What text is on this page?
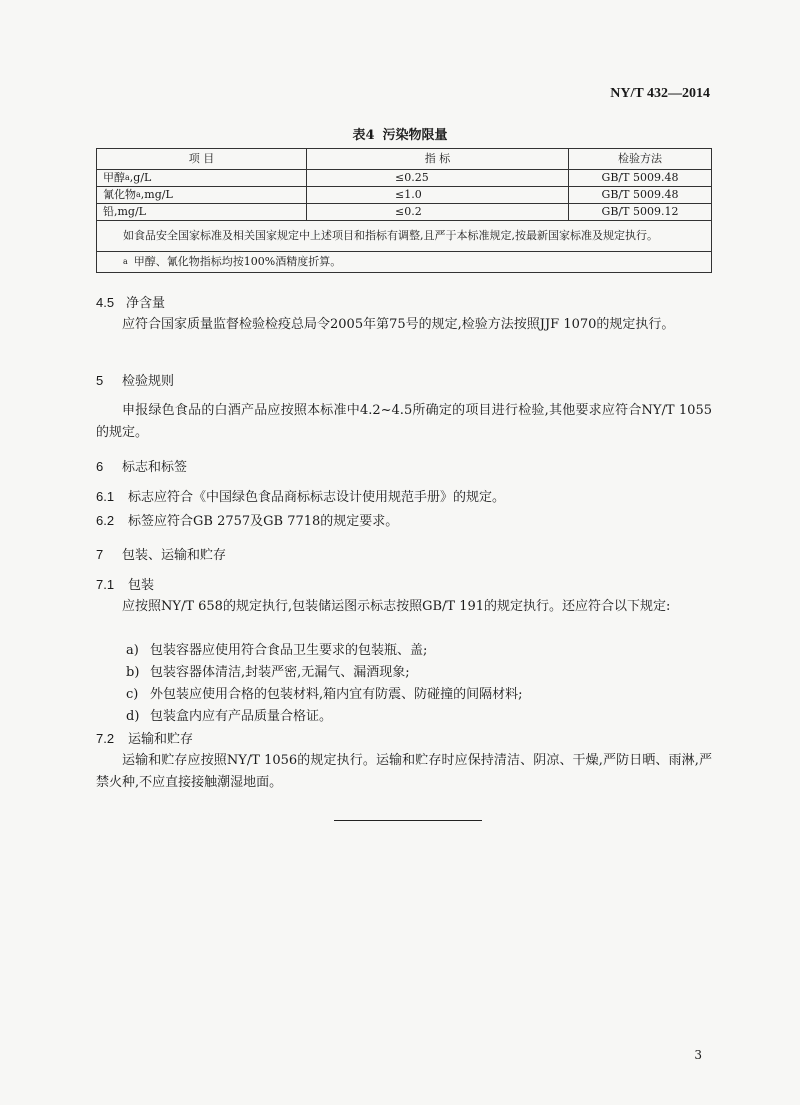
NY/T 432—2014
表4 污染物限量
项 目	指 标	检验方法
甲醇$^a$,g/L	≤0.25	GB/T 5009.48
氰化物$^a$,mg/L	≤1.0	GB/T 5009.48
铅,mg/L	≤0.2	GB/T 5009.12
如食品安全国家标准及相关国家规定中上述项目和指标有调整,且严于本标准规定,按最新国家标准及规定执行。		
$^a$ 甲醇、氰化物指标均按100%酒精度折算。		
4.5 净含量
应符合国家质量监督检验检疫总局令2005年第75号的规定,检验方法按照JJF 1070的规定执行。
5 检验规则
申报绿色食品的白酒产品应按照本标准中4.2~4.5所确定的项目进行检验,其他要求应符合NY/T 1055的规定。
6 标志和标签
6.1 标志应符合《中国绿色食品商标标志设计使用规范手册》的规定。
6.2 标签应符合GB 2757及GB 7718的规定要求。
7 包装、运输和贮存
7.1 包装
应按照NY/T 658的规定执行,包装储运图示标志按照GB/T 191的规定执行。还应符合以下规定:
a) 包装容器应使用符合食品卫生要求的包装瓶、盖;
b) 包装容器体清洁,封装严密,无漏气、漏酒现象;
c) 外包装应使用合格的包装材料,箱内宜有防震、防碰撞的间隔材料;
d) 包装盒内应有产品质量合格证。
7.2 运输和贮存
运输和贮存应按照NY/T 1056的规定执行。运输和贮存时应保持清洁、阴凉、干燥,严防日晒、雨淋,严禁火种,不应直接接触潮湿地面。
3
